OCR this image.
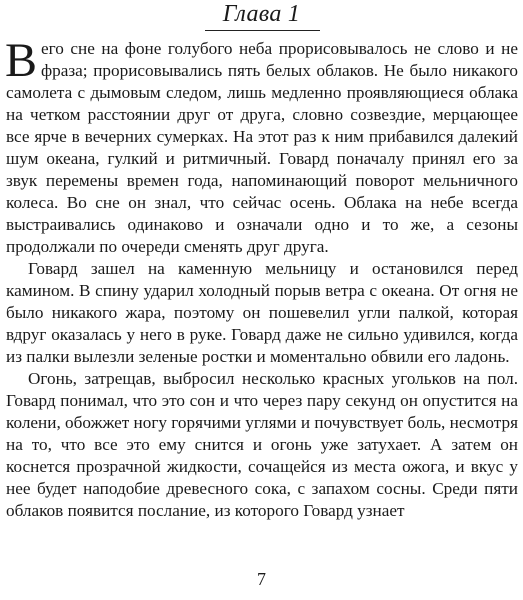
Глава 1

Вего сне на фоне голубого неба прорисовывалось не слово и не фраза; прорисовывались пять белых облаков. Не было никакого самолета с дымовым следом, лишь медленно проявляющиеся облака на четком расстоянии друг от друга, словно созвездие, мерцающее все ярче в вечерних сумерках. На этот раз к ним прибавился далекий шум океана, гулкий и ритмичный. Говард поначалу принял его за звук перемены времен года, напоминающий поворот мельничного колеса. Во сне он знал, что сейчас осень. Облака на небе всегда выстраивались одинаково и означали одно и то же, а сезоны продолжали по очереди сменять друг друга.

Говард зашел на каменную мельницу и остановился перед камином. В спину ударил холодный порыв ветра с океана. От огня не было никакого жара, поэтому он пошевелил угли палкой, которая вдруг оказалась у него в руке. Говард даже не сильно удивился, когда из палки вылезли зеленые ростки и моментально обвили его ладонь.

Огонь, затрещав, выбросил несколько красных угольков на пол. Говард понимал, что это сон и что через пару секунд он опустится на колени, обожжет ногу горячими углями и почувствует боль, несмотря на то, что все это ему снится и огонь уже затухает. А затем он коснется прозрачной жидкости, сочащейся из места ожога, и вкус у нее будет наподобие древесного сока, с запахом сосны. Среди пяти облаков появится послание, из которого Говард узнает

7
